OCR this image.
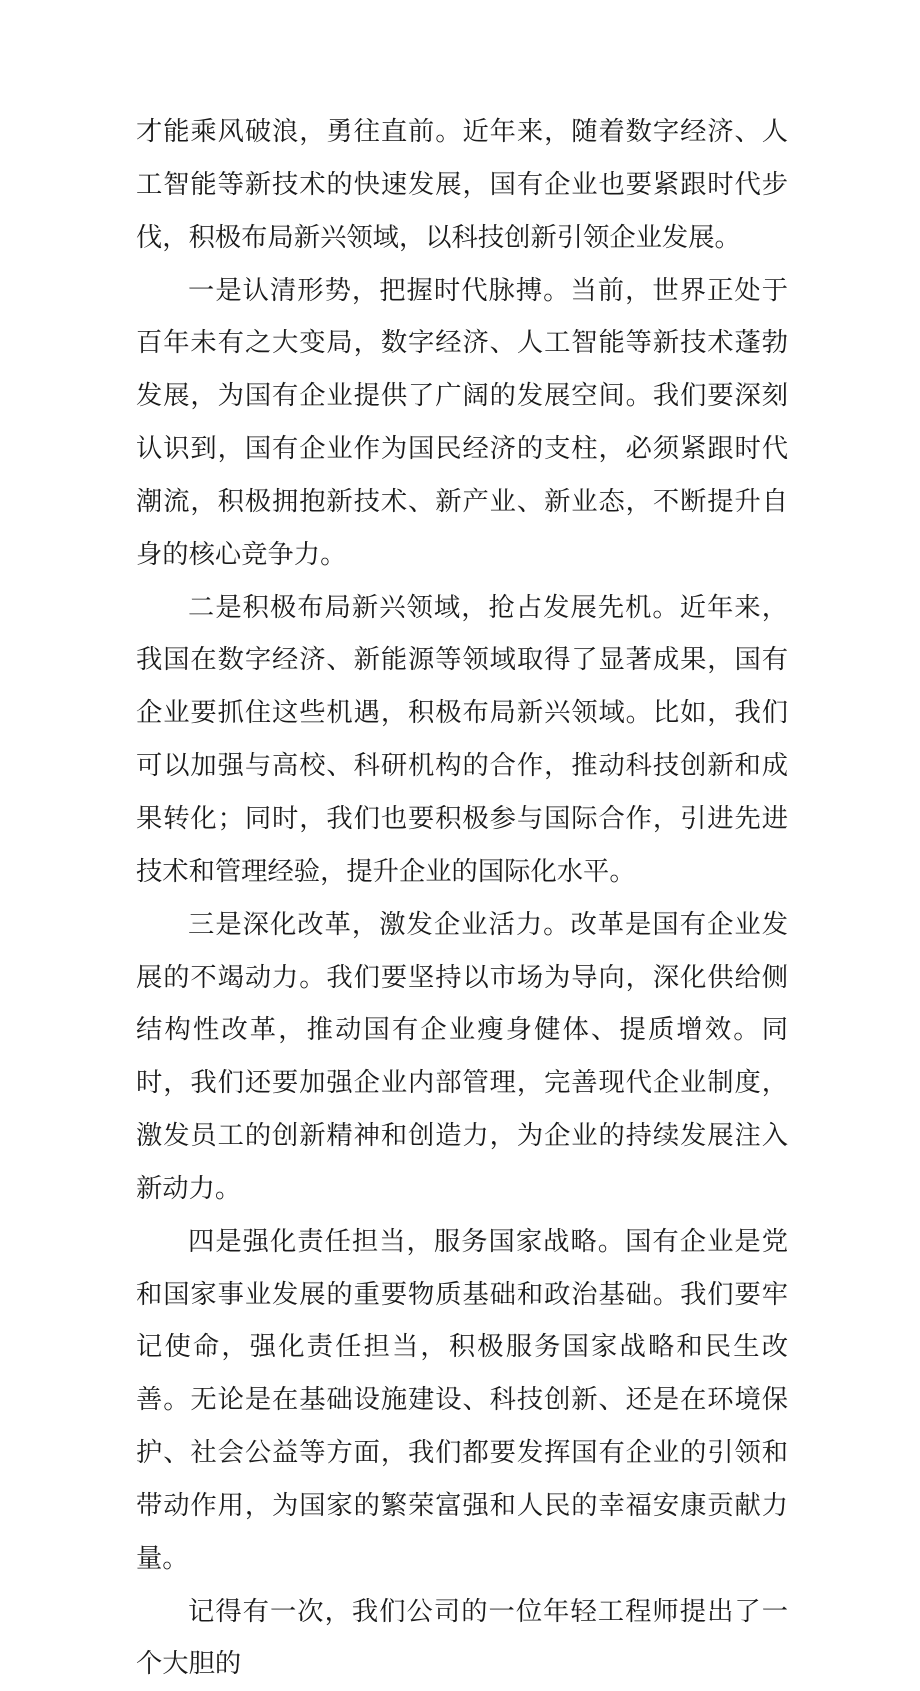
才能乘风破浪，勇往直前。近年来，随着数字经济、人工智能等新技术的快速发展，国有企业也要紧跟时代步伐，积极布局新兴领域，以科技创新引领企业发展。

一是认清形势，把握时代脉搏。当前，世界正处于百年未有之大变局，数字经济、人工智能等新技术蓬勃发展，为国有企业提供了广阔的发展空间。我们要深刻认识到，国有企业作为国民经济的支柱，必须紧跟时代潮流，积极拥抱新技术、新产业、新业态，不断提升自身的核心竞争力。

二是积极布局新兴领域，抢占发展先机。近年来，我国在数字经济、新能源等领域取得了显著成果，国有企业要抓住这些机遇，积极布局新兴领域。比如，我们可以加强与高校、科研机构的合作，推动科技创新和成果转化；同时，我们也要积极参与国际合作，引进先进技术和管理经验，提升企业的国际化水平。

三是深化改革，激发企业活力。改革是国有企业发展的不竭动力。我们要坚持以市场为导向，深化供给侧结构性改革，推动国有企业瘦身健体、提质增效。同时，我们还要加强企业内部管理，完善现代企业制度，激发员工的创新精神和创造力，为企业的持续发展注入新动力。

四是强化责任担当，服务国家战略。国有企业是党和国家事业发展的重要物质基础和政治基础。我们要牢记使命，强化责任担当，积极服务国家战略和民生改善。无论是在基础设施建设、科技创新、还是在环境保护、社会公益等方面，我们都要发挥国有企业的引领和带动作用，为国家的繁荣富强和人民的幸福安康贡献力量。

记得有一次，我们公司的一位年轻工程师提出了一个大胆的
